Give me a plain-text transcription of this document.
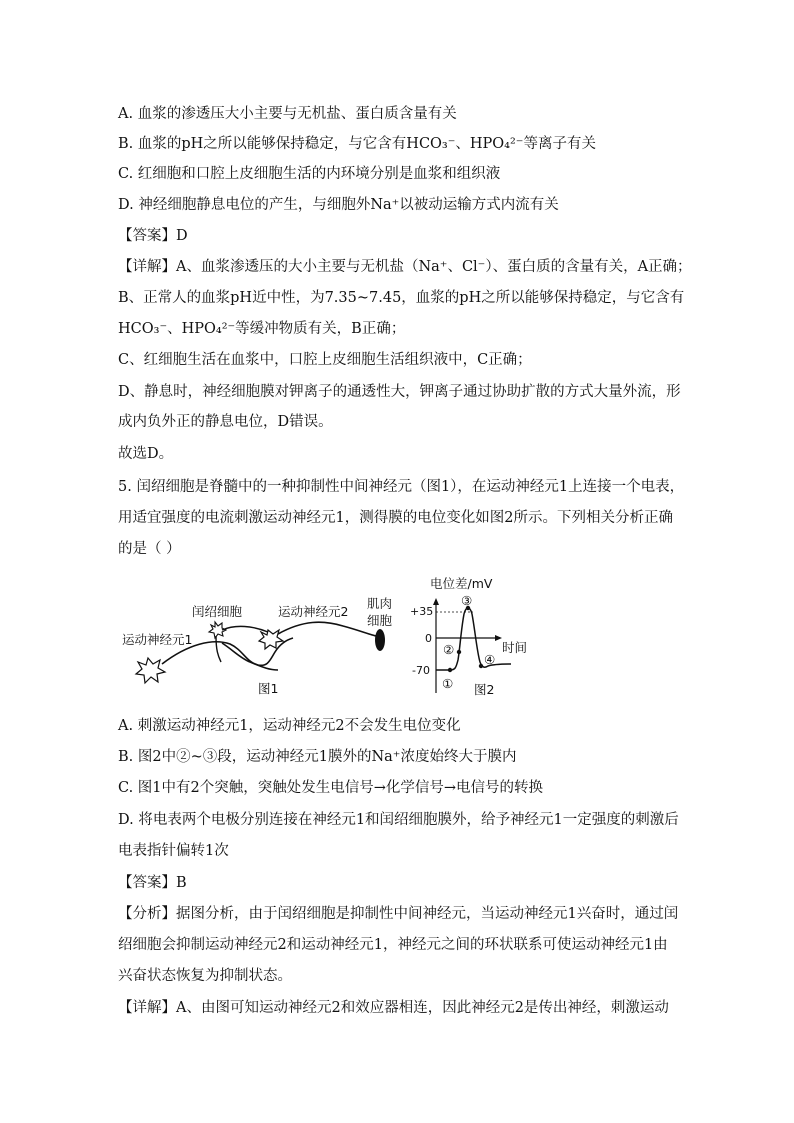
A. 血浆的渗透压大小主要与无机盐、蛋白质含量有关
B. 血浆的pH之所以能够保持稳定，与它含有HCO₃⁻、HPO₄²⁻等离子有关
C. 红细胞和口腔上皮细胞生活的内环境分别是血浆和组织液
D. 神经细胞静息电位的产生，与细胞外Na⁺以被动运输方式内流有关
【答案】D
【详解】A、血浆渗透压的大小主要与无机盐（Na⁺、Cl⁻）、蛋白质的含量有关，A正确；
B、正常人的血浆pH近中性，为7.35~7.45，血浆的pH之所以能够保持稳定，与它含有
HCO₃⁻、HPO₄²⁻等缓冲物质有关，B正确；
C、红细胞生活在血浆中，口腔上皮细胞生活组织液中，C正确；
D、静息时，神经细胞膜对钾离子的通透性大，钾离子通过协助扩散的方式大量外流，形
成内负外正的静息电位，D错误。
故选D。
5. 闰绍细胞是脊髓中的一种抑制性中间神经元（图1），在运动神经元1上连接一个电表，
用适宜强度的电流刺激运动神经元1，测得膜的电位变化如图2所示。下列相关分析正确
的是（ ）
运动神经元1
闰绍细胞	运动神经元2
肌肉
细胞
图1
+35
0
-70
时间
①
②
③
④
图2
电位差/mV
A. 刺激运动神经元1，运动神经元2不会发生电位变化
B. 图2中②~③段，运动神经元1膜外的Na⁺浓度始终大于膜内
C. 图1中有2个突触，突触处发生电信号→化学信号→电信号的转换
D. 将电表两个电极分别连接在神经元1和闰绍细胞膜外，给予神经元1一定强度的刺激后
电表指针偏转1次
【答案】B
【分析】据图分析，由于闰绍细胞是抑制性中间神经元，当运动神经元1兴奋时，通过闰
绍细胞会抑制运动神经元2和运动神经元1，神经元之间的环状联系可使运动神经元1由
兴奋状态恢复为抑制状态。
【详解】A、由图可知运动神经元2和效应器相连，因此神经元2是传出神经，刺激运动
